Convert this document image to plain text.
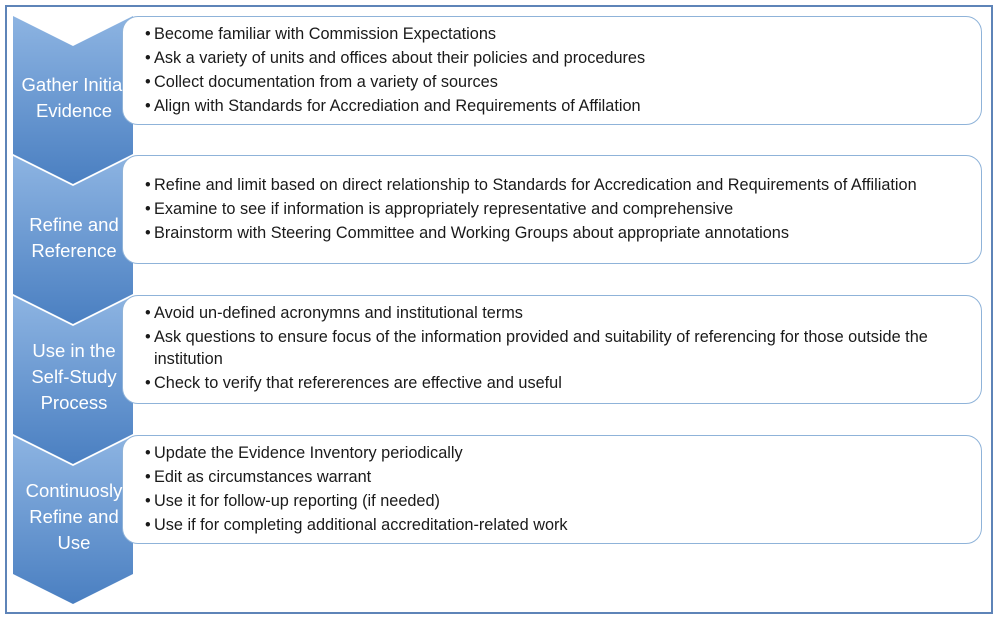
• Become familiar with Commission Expectations
• Ask a variety of units and offices about their policies and procedures
• Collect documentation from a variety of sources
• Align with Standards for Accrediation and Requirements of Affilation
Gather Initial
Evidence
• Refine and limit based on direct relationship to Standards for Accredication and Requirements of Affiliation
• Examine to see if information is appropriately representative and comprehensive
• Brainstorm with Steering Committee and Working Groups about appropriate annotations
Refine and
Reference
• Avoid un-defined acronymns and institutional terms
• Ask questions to ensure focus of the information provided and suitability of referencing for those outside the institution
• Check to verify that refererences are effective and useful
Use in the
Self-Study
Process
• Update the Evidence Inventory periodically
• Edit as circumstances warrant
• Use it for follow-up reporting (if needed)
• Use if for completing additional accreditation-related work
Continuosly
Refine and
Use
